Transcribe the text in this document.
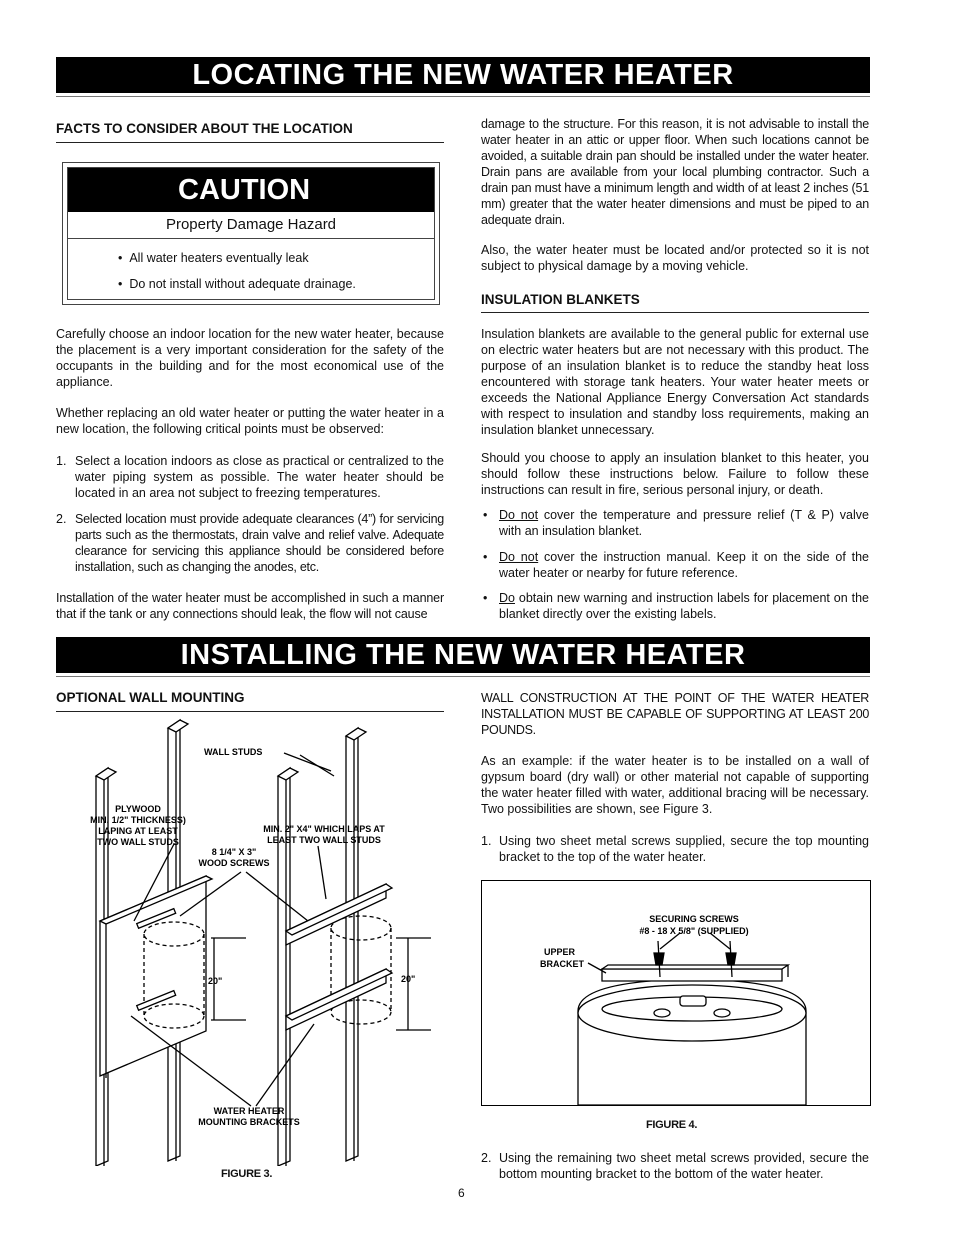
LOCATING THE NEW WATER HEATER
FACTS TO CONSIDER ABOUT THE LOCATION
CAUTION
Property Damage Hazard
•  All water heaters eventually leak
•  Do not install without adequate drainage.

Carefully choose an indoor location for the new water heater, because the placement is a very important consideration for the safety of the occupants in the building and for the most economical use of the appliance.

Whether replacing an old water heater or putting the water heater in a new location, the following critical points must be observed:

1. Select a location indoors as close as practical or centralized to the water piping system as possible. The water heater should be located in an area not subject to freezing temperatures.

2. Selected location must provide adequate clearances (4”) for servicing parts such as the thermostats, drain valve and relief valve. Adequate clearance for servicing this appliance should be considered before installation, such as changing the anodes, etc.

Installation of the water heater must be accomplished in such a manner that if the tank or any connections should leak, the flow will not cause

damage to the structure. For this reason, it is not advisable to install the water heater in an attic or upper floor. When such locations cannot be avoided, a suitable drain pan should be installed under the water heater. Drain pans are available from your local plumbing contractor. Such a drain pan must have a minimum length and width of at least 2 inches (51 mm) greater that the water heater dimensions and must be piped to an adequate drain.

Also, the water heater must be located and/or protected so it is not subject to physical damage by a moving vehicle.

INSULATION BLANKETS

Insulation blankets are available to the general public for external use on electric water heaters but are not necessary with this product. The purpose of an insulation blanket is to reduce the standby heat loss encountered with storage tank heaters. Your water heater meets or exceeds the National Appliance Energy Conversation Act standards with respect to insulation and standby loss requirements, making an insulation blanket unnecessary.

Should you choose to apply an insulation blanket to this heater, you should follow these instructions below. Failure to follow these instructions can result in fire, serious personal injury, or death.

• Do not cover the temperature and pressure relief (T & P) valve with an insulation blanket.

• Do not cover the instruction manual. Keep it on the side of the water heater or nearby for future reference.

• Do obtain new warning and instruction labels for placement on the blanket directly over the existing labels.

INSTALLING THE NEW WATER HEATER
OPTIONAL WALL MOUNTING
WALL STUDS
PLYWOOD
MIN. 1/2" THICKNESS)
LAPING AT LEAST
TWO WALL STUDS
MIN. 2" X4" WHICH LAPS AT
LEAST TWO WALL STUDS
8 1/4" X 3"
WOOD SCREWS
20"	20"
WATER HEATER
MOUNTING BRACKETS
FIGURE 3.

WALL CONSTRUCTION AT THE POINT OF THE WATER HEATER INSTALLATION MUST BE CAPABLE OF SUPPORTING AT LEAST 200 POUNDS.

As an example: if the water heater is to be installed on a wall of gypsum board (dry wall) or other material not capable of supporting the water heater filled with water, additional bracing will be necessary. Two possibilities are shown, see Figure 3.

1. Using two sheet metal screws supplied, secure the top mounting bracket to the top of the water heater.

SECURING SCREWS
#8 - 18 X 5/8" (SUPPLIED)
UPPER
BRACKET
FIGURE 4.
2. Using the remaining two sheet metal screws provided, secure the bottom mounting bracket to the bottom of the water heater.

6
